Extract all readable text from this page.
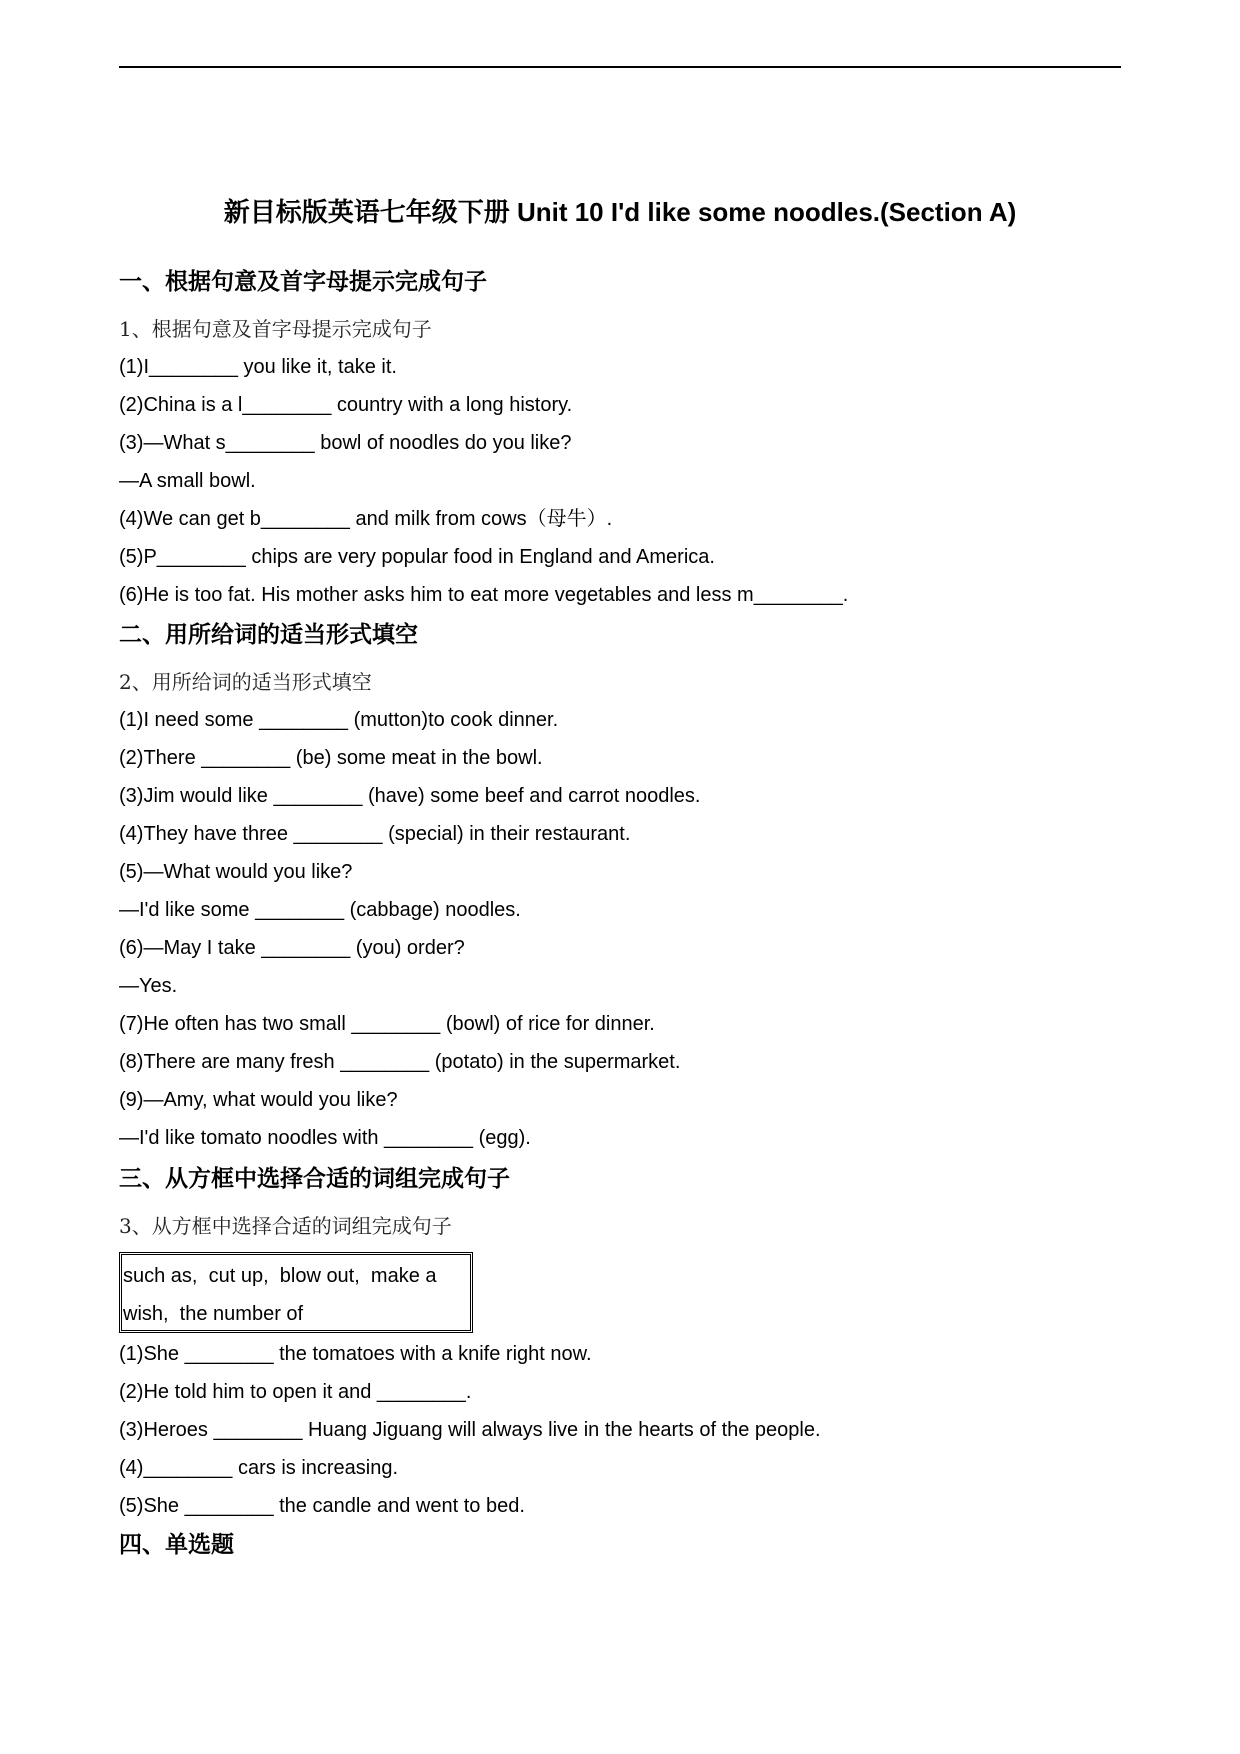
新目标版英语七年级下册 Unit 10 I'd like some noodles.(Section A)
一、根据句意及首字母提示完成句子
1、根据句意及首字母提示完成句子
(1)I________ you like it, take it.
(2)China is a l________ country with a long history.
(3)—What s________ bowl of noodles do you like?
—A small bowl.
(4)We can get b________ and milk from cows（母牛）.
(5)P________ chips are very popular food in England and America.
(6)He is too fat. His mother asks him to eat more vegetables and less m________.
二、用所给词的适当形式填空
2、用所给词的适当形式填空
(1)I need some ________ (mutton)to cook dinner.
(2)There ________ (be) some meat in the bowl.
(3)Jim would like ________ (have) some beef and carrot noodles.
(4)They have three ________ (special) in their restaurant.
(5)—What would you like?
—I'd like some ________ (cabbage) noodles.
(6)—May I take ________ (you) order?
—Yes.
(7)He often has two small ________ (bowl) of rice for dinner.
(8)There are many fresh ________ (potato) in the supermarket.
(9)—Amy, what would you like?
—I'd like tomato noodles with ________ (egg).
三、从方框中选择合适的词组完成句子
3、从方框中选择合适的词组完成句子
such as,  cut up,  blow out,  make a
wish,  the number of
(1)She ________ the tomatoes with a knife right now.
(2)He told him to open it and ________.
(3)Heroes ________ Huang Jiguang will always live in the hearts of the people.
(4)________ cars is increasing.
(5)She ________ the candle and went to bed.
四、单选题
